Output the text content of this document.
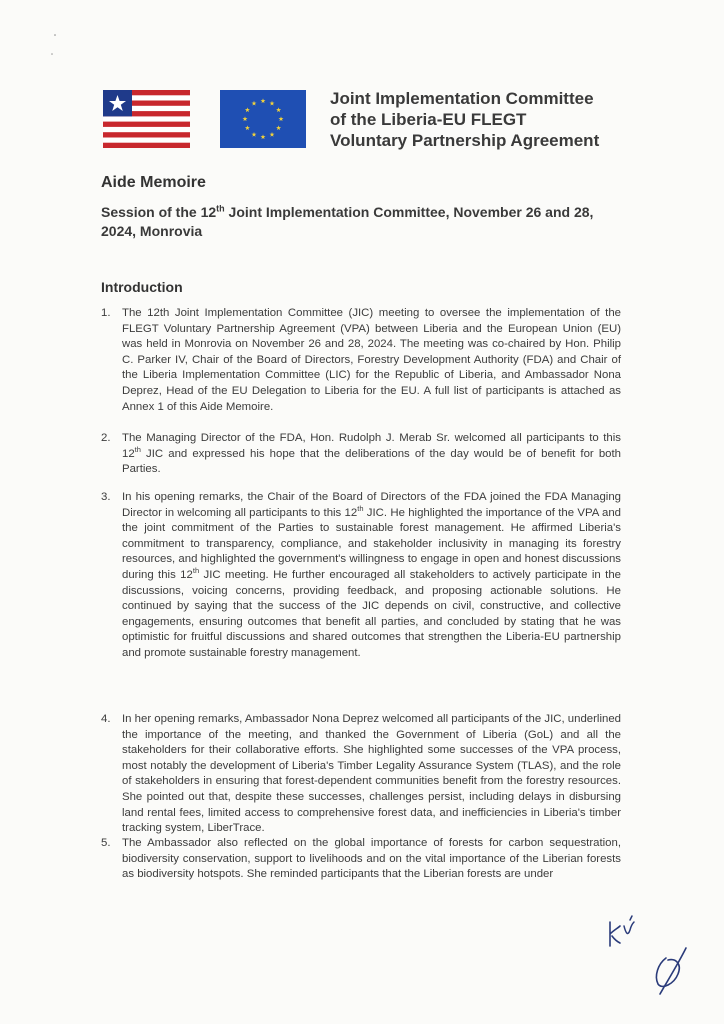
Joint Implementation Committee
of the Liberia-EU FLEGT
Voluntary Partnership Agreement
Aide Memoire
Session of the 12th Joint Implementation Committee, November 26 and 28,
2024, Monrovia
Introduction
1.	The 12th Joint Implementation Committee (JIC) meeting to oversee the implementation of the FLEGT Voluntary Partnership Agreement (VPA) between Liberia and the European Union (EU) was held in Monrovia on November 26 and 28, 2024. The meeting was co-chaired by Hon. Philip C. Parker IV, Chair of the Board of Directors, Forestry Development Authority (FDA) and Chair of the Liberia Implementation Committee (LIC) for the Republic of Liberia, and Ambassador Nona Deprez, Head of the EU Delegation to Liberia for the EU. A full list of participants is attached as Annex 1 of this Aide Memoire.
2.	The Managing Director of the FDA, Hon. Rudolph J. Merab Sr. welcomed all participants to this 12th JIC and expressed his hope that the deliberations of the day would be of benefit for both Parties.
3.	In his opening remarks, the Chair of the Board of Directors of the FDA joined the FDA Managing Director in welcoming all participants to this 12th JIC. He highlighted the importance of the VPA and the joint commitment of the Parties to sustainable forest management. He affirmed Liberia's commitment to transparency, compliance, and stakeholder inclusivity in managing its forestry resources, and highlighted the government's willingness to engage in open and honest discussions during this 12th JIC meeting. He further encouraged all stakeholders to actively participate in the discussions, voicing concerns, providing feedback, and proposing actionable solutions. He continued by saying that the success of the JIC depends on civil, constructive, and collective engagements, ensuring outcomes that benefit all parties, and concluded by stating that he was optimistic for fruitful discussions and shared outcomes that strengthen the Liberia-EU partnership and promote sustainable forestry management.
4.	In her opening remarks, Ambassador Nona Deprez welcomed all participants of the JIC, underlined the importance of the meeting, and thanked the Government of Liberia (GoL) and all the stakeholders for their collaborative efforts. She highlighted some successes of the VPA process, most notably the development of Liberia's Timber Legality Assurance System (TLAS), and the role of stakeholders in ensuring that forest-dependent communities benefit from the forestry resources. She pointed out that, despite these successes, challenges persist, including delays in disbursing land rental fees, limited access to comprehensive forest data, and inefficiencies in Liberia's timber tracking system, LiberTrace.
5.	The Ambassador also reflected on the global importance of forests for carbon sequestration, biodiversity conservation, support to livelihoods and on the vital importance of the Liberian forests as biodiversity hotspots. She reminded participants that the Liberian forests are under
